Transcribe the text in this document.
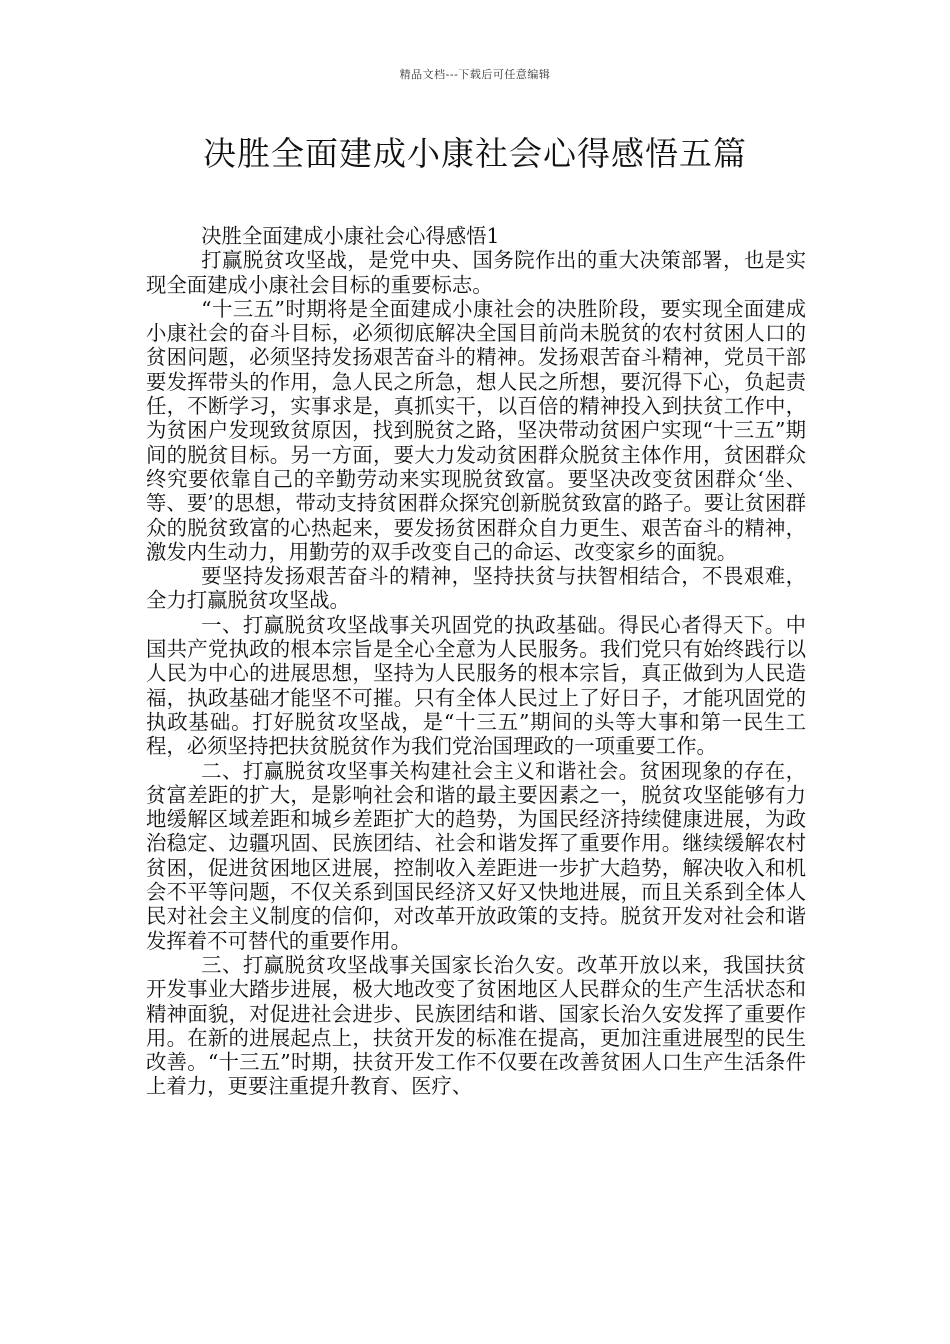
精品文档---下载后可任意编辑
决胜全面建成小康社会心得感悟五篇

决胜全面建成小康社会心得感悟1

打赢脱贫攻坚战，是党中央、国务院作出的重大决策部署，也是实现全面建成小康社会目标的重要标志。

“十三五”时期将是全面建成小康社会的决胜阶段，要实现全面建成小康社会的奋斗目标，必须彻底解决全国目前尚未脱贫的农村贫困人口的贫困问题，必须坚持发扬艰苦奋斗的精神。发扬艰苦奋斗精神，党员干部要发挥带头的作用，急人民之所急，想人民之所想，要沉得下心，负起责任，不断学习，实事求是，真抓实干，以百倍的精神投入到扶贫工作中，为贫困户发现致贫原因，找到脱贫之路，坚决带动贫困户实现“十三五”期间的脱贫目标。另一方面，要大力发动贫困群众脱贫主体作用，贫困群众终究要依靠自己的辛勤劳动来实现脱贫致富。要坚决改变贫困群众‘坐、等、要’的思想，带动支持贫困群众探究创新脱贫致富的路子。要让贫困群众的脱贫致富的心热起来，要发扬贫困群众自力更生、艰苦奋斗的精神，激发内生动力，用勤劳的双手改变自己的命运、改变家乡的面貌。

要坚持发扬艰苦奋斗的精神，坚持扶贫与扶智相结合，不畏艰难，全力打赢脱贫攻坚战。

一、打赢脱贫攻坚战事关巩固党的执政基础。得民心者得天下。中国共产党执政的根本宗旨是全心全意为人民服务。我们党只有始终践行以人民为中心的进展思想，坚持为人民服务的根本宗旨，真正做到为人民造福，执政基础才能坚不可摧。只有全体人民过上了好日子，才能巩固党的执政基础。打好脱贫攻坚战，是“十三五”期间的头等大事和第一民生工程，必须坚持把扶贫脱贫作为我们党治国理政的一项重要工作。

二、打赢脱贫攻坚事关构建社会主义和谐社会。贫困现象的存在，贫富差距的扩大，是影响社会和谐的最主要因素之一，脱贫攻坚能够有力地缓解区域差距和城乡差距扩大的趋势，为国民经济持续健康进展，为政治稳定、边疆巩固、民族团结、社会和谐发挥了重要作用。继续缓解农村贫困，促进贫困地区进展，控制收入差距进一步扩大趋势，解决收入和机会不平等问题，不仅关系到国民经济又好又快地进展，而且关系到全体人民对社会主义制度的信仰，对改革开放政策的支持。脱贫开发对社会和谐发挥着不可替代的重要作用。

三、打赢脱贫攻坚战事关国家长治久安。改革开放以来，我国扶贫开发事业大踏步进展，极大地改变了贫困地区人民群众的生产生活状态和精神面貌，对促进社会进步、民族团结和谐、国家长治久安发挥了重要作用。在新的进展起点上，扶贫开发的标准在提高，更加注重进展型的民生改善。“十三五”时期，扶贫开发工作不仅要在改善贫困人口生产生活条件上着力，更要注重提升教育、医疗、
